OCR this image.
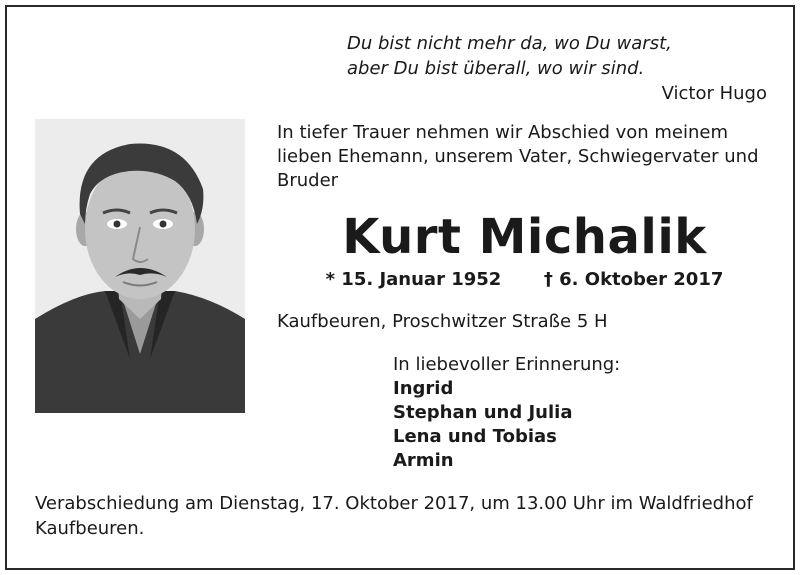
Du bist nicht mehr da, wo Du warst,
aber Du bist überall, wo wir sind.
Victor Hugo
In tiefer Trauer nehmen wir Abschied von meinem lieben Ehemann, unserem Vater, Schwiegervater und Bruder
Kurt Michalik
* 15. Januar 1952 † 6. Oktober 2017
Kaufbeuren, Proschwitzer Straße 5 H
In liebevoller Erinnerung:
Ingrid
Stephan und Julia
Lena und Tobias
Armin
Verabschiedung am Dienstag, 17. Oktober 2017, um 13.00 Uhr im Waldfriedhof Kaufbeuren.
